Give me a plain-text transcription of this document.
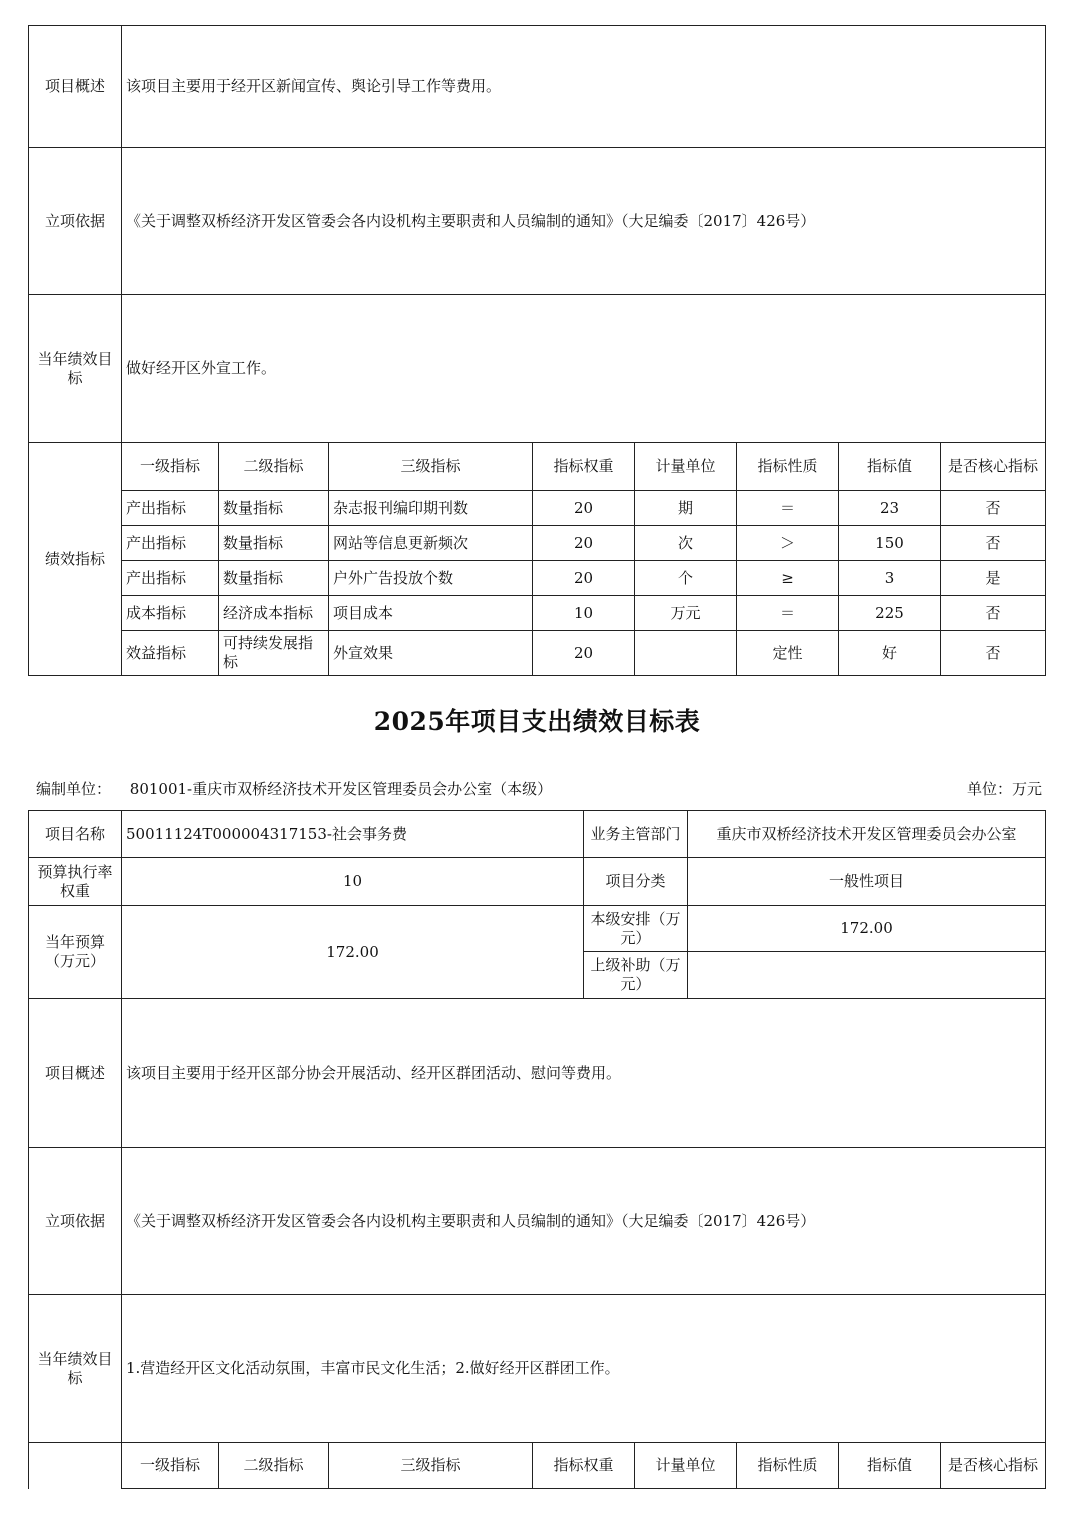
项目概述	该项目主要用于经开区新闻宣传、舆论引导工作等费用。							
立项依据	《关于调整双桥经济开发区管委会各内设机构主要职责和人员编制的通知》（大足编委〔2017〕426号）							
当年绩效目标	做好经开区外宣工作。							
绩效指标	一级指标	二级指标	三级指标	指标权重	计量单位	指标性质	指标值	是否核心指标
	产出指标	数量指标	杂志报刊编印期刊数	20	期	＝	23	否
	产出指标	数量指标	网站等信息更新频次	20	次	＞	150	否
	产出指标	数量指标	户外广告投放个数	20	个	≥	3	是
	成本指标	经济成本指标	项目成本	10	万元	＝	225	否
	效益指标	可持续发展指标	外宣效果	20		定性	好	否
2025年项目支出绩效目标表
编制单位： 801001-重庆市双桥经济技术开发区管理委员会办公室（本级）	单位：万元
项目名称	50011124T000004317153-社会事务费	业务主管部门	重庆市双桥经济技术开发区管理委员会办公室
预算执行率权重	10	项目分类	一般性项目
当年预算（万元）	172.00	本级安排（万元）	172.00
		上级补助（万元）	
项目概述	该项目主要用于经开区部分协会开展活动、经开区群团活动、慰问等费用。							
立项依据	《关于调整双桥经济开发区管委会各内设机构主要职责和人员编制的通知》（大足编委〔2017〕426号）							
当年绩效目标	1.营造经开区文化活动氛围，丰富市民文化生活；2.做好经开区群团工作。							
	一级指标	二级指标	三级指标	指标权重	计量单位	指标性质	指标值	是否核心指标
